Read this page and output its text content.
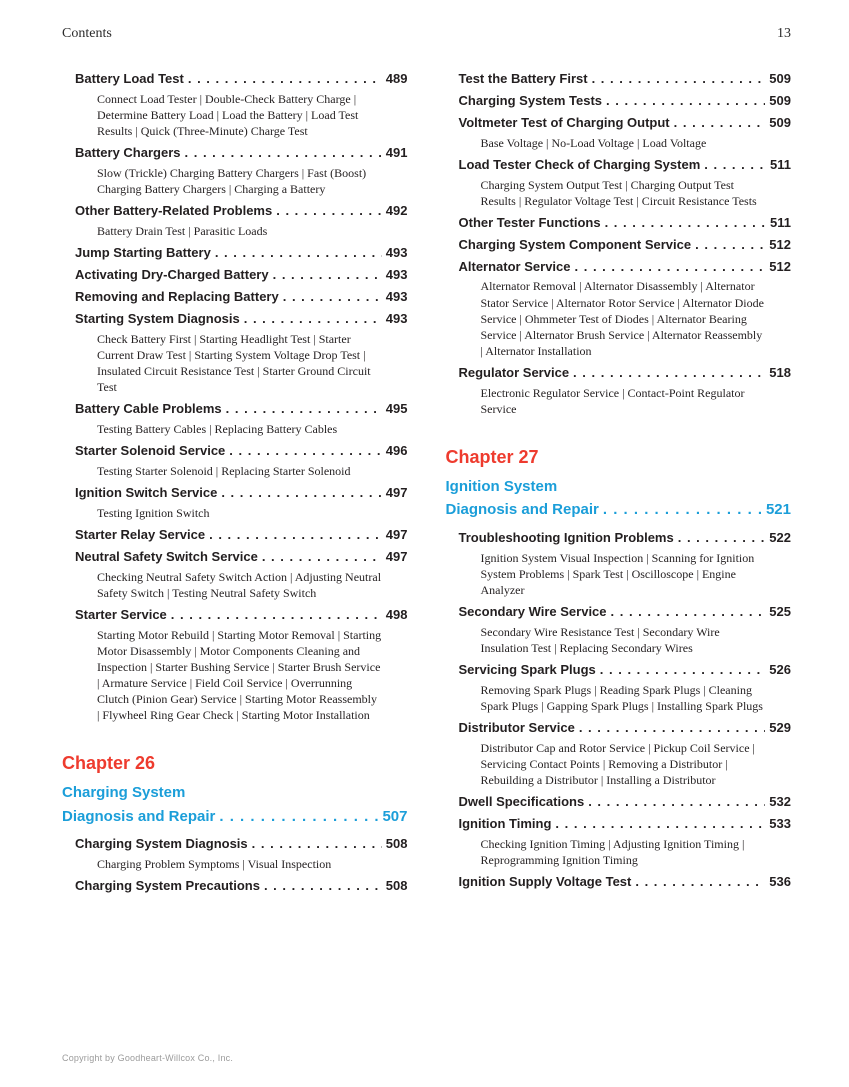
Contents	13
Battery Load Test . . .	489

Connect Load Tester | Double-Check Battery Charge | Determine Battery Load | Load the Battery | Load Test Results | Quick (Three-Minute) Charge Test

Battery Chargers . . .	491

Slow (Trickle) Charging Battery Chargers | Fast (Boost) Charging Battery Chargers | Charging a Battery

Other Battery-Related Problems . . .	492

Battery Drain Test | Parasitic Loads

Jump Starting Battery . . .	493
Activating Dry-Charged Battery . . .	493
Removing and Replacing Battery . . .	493
Starting System Diagnosis . . .	493

Check Battery First | Starting Headlight Test | Starter Current Draw Test | Starting System Voltage Drop Test | Insulated Circuit Resistance Test | Starter Ground Circuit Test

Battery Cable Problems . . .	495

Testing Battery Cables | Replacing Battery Cables

Starter Solenoid Service . . .	496

Testing Starter Solenoid | Replacing Starter Solenoid

Ignition Switch Service . . .	497

Testing Ignition Switch

Starter Relay Service . . .	497
Neutral Safety Switch Service . . .	497

Checking Neutral Safety Switch Action | Adjusting Neutral Safety Switch | Testing Neutral Safety Switch

Starter Service . . .	498

Starting Motor Rebuild | Starting Motor Removal | Starting Motor Disassembly | Motor Components Cleaning and Inspection | Starter Bushing Service | Starter Brush Service | Armature Service | Field Coil Service | Overrunning Clutch (Pinion Gear) Service | Starting Motor Reassembly | Flywheel Ring Gear Check | Starting Motor Installation

Chapter 26
Charging System
Diagnosis and Repair . . .	507
Charging System Diagnosis . . .	508

Charging Problem Symptoms | Visual Inspection

Charging System Precautions . . .	508
Test the Battery First . . .	509
Charging System Tests . . .	509
Voltmeter Test of Charging Output . . .	509

Base Voltage | No-Load Voltage | Load Voltage

Load Tester Check of Charging System . . .	511

Charging System Output Test | Charging Output Test Results | Regulator Voltage Test | Circuit Resistance Tests

Other Tester Functions . . .	511
Charging System Component Service . . .	512
Alternator Service . . .	512

Alternator Removal | Alternator Disassembly | Alternator Stator Service | Alternator Rotor Service | Alternator Diode Service | Ohmmeter Test of Diodes | Alternator Bearing Service | Alternator Brush Service | Alternator Reassembly | Alternator Installation

Regulator Service . . .	518

Electronic Regulator Service | Contact-Point Regulator Service

Chapter 27
Ignition System
Diagnosis and Repair . . .	521
Troubleshooting Ignition Problems . . .	522

Ignition System Visual Inspection | Scanning for Ignition System Problems | Spark Test | Oscilloscope | Engine Analyzer

Secondary Wire Service . . .	525

Secondary Wire Resistance Test | Secondary Wire Insulation Test | Replacing Secondary Wires

Servicing Spark Plugs . . .	526

Removing Spark Plugs | Reading Spark Plugs | Cleaning Spark Plugs | Gapping Spark Plugs | Installing Spark Plugs

Distributor Service . . .	529

Distributor Cap and Rotor Service | Pickup Coil Service | Servicing Contact Points | Removing a Distributor | Rebuilding a Distributor | Installing a Distributor

Dwell Specifications . . .	532
Ignition Timing . . .	533

Checking Ignition Timing | Adjusting Ignition Timing | Reprogramming Ignition Timing

Ignition Supply Voltage Test . . .	536
Copyright by Goodheart-Willcox Co., Inc.
